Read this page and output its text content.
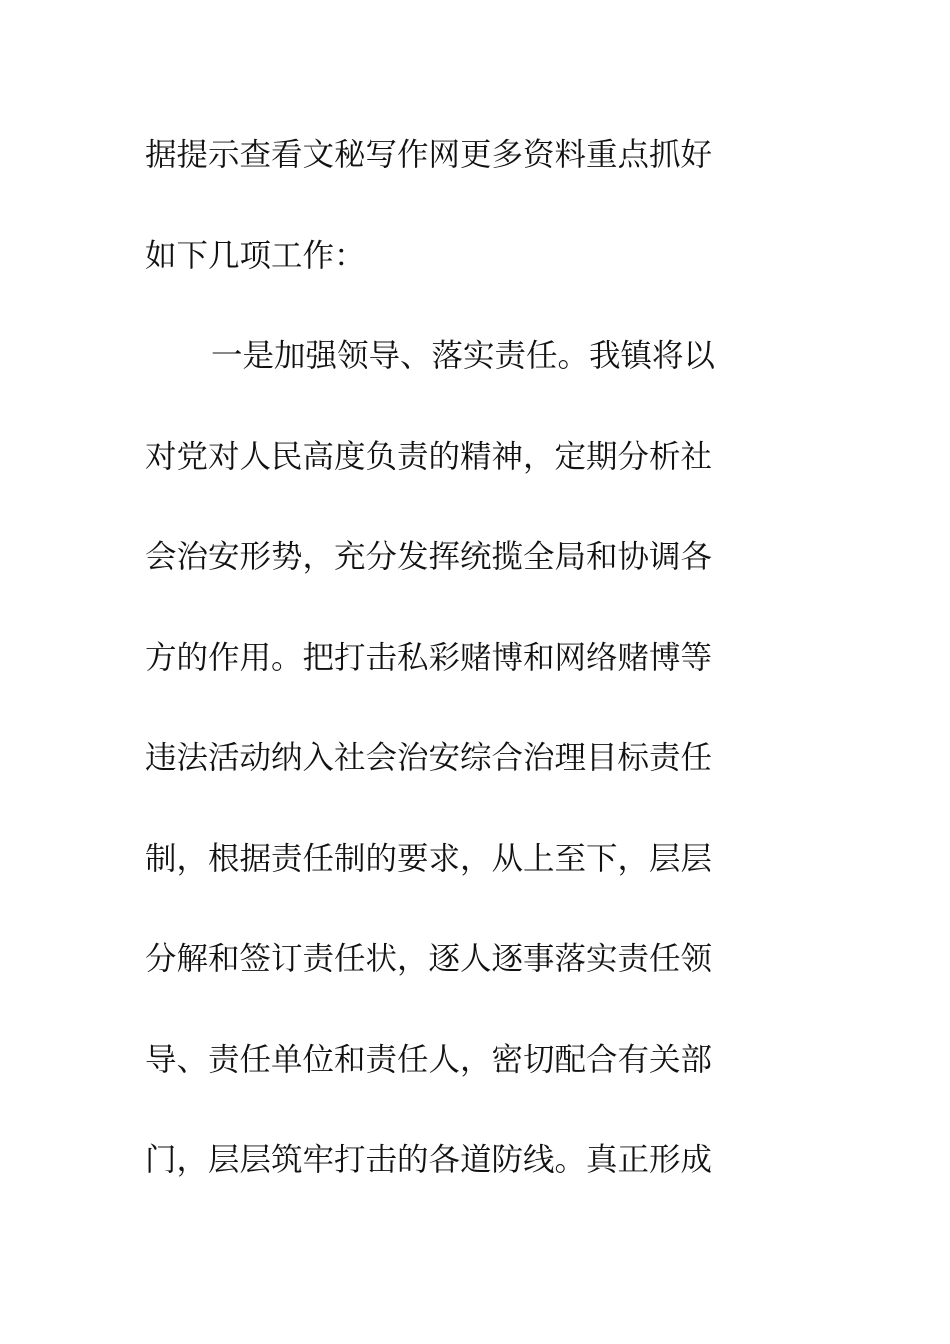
据提示查看文秘写作网更多资料重点抓好
如下几项工作：
一是加强领导、落实责任。我镇将以
对党对人民高度负责的精神，定期分析社
会治安形势，充分发挥统揽全局和协调各
方的作用。把打击私彩赌博和网络赌博等
违法活动纳入社会治安综合治理目标责任
制，根据责任制的要求，从上至下，层层
分解和签订责任状，逐人逐事落实责任领
导、责任单位和责任人，密切配合有关部
门，层层筑牢打击的各道防线。真正形成
